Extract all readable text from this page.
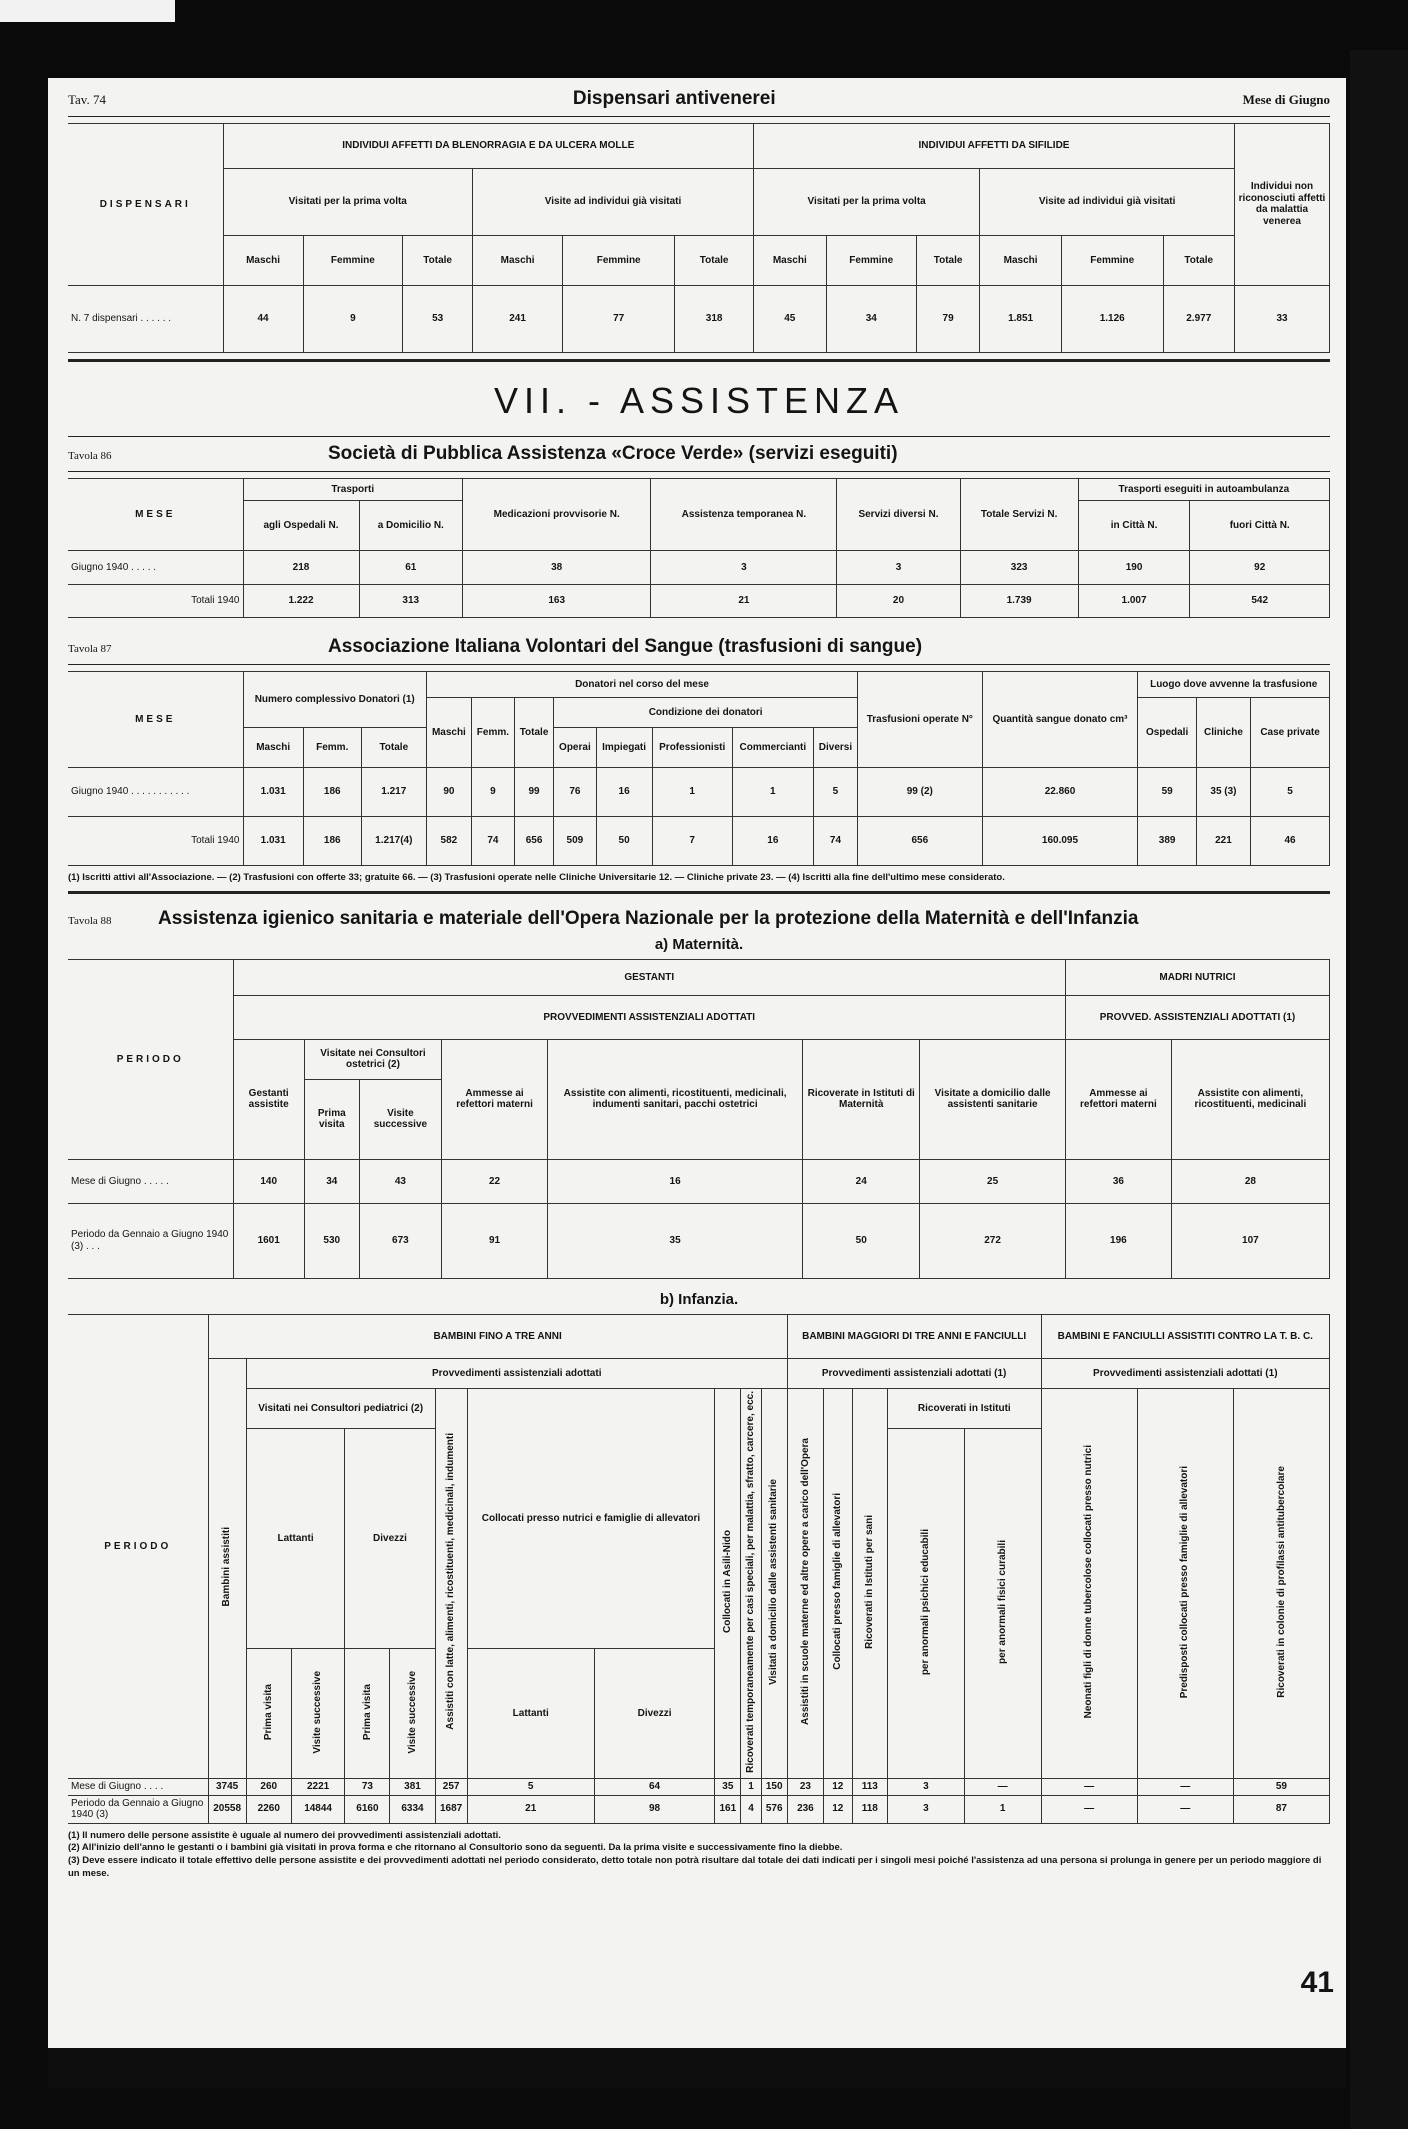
Tav. 74	Dispensari antivenerei	Mese di Giugno
DISPENSARI	INDIVIDUI AFFETTI DA BLENORRAGIA E DA ULCERA MOLLE						INDIVIDUI AFFETTI DA SIFILIDE						Individui non riconosciuti affetti da malattia venerea
	Visitati per la prima volta			Visite ad individui già visitati			Visitati per la prima volta			Visite ad individui già visitati			
	Maschi	Femmine	Totale	Maschi	Femmine	Totale	Maschi	Femmine	Totale	Maschi	Femmine	Totale	
N. 7 dispensari . . . . . .	44	9	53	241	77	318	45	34	79	1.851	1.126	2.977	33
VII. - ASSISTENZA
Tavola 86	Società di Pubblica Assistenza «Croce Verde» (servizi eseguiti)
MESE	Trasporti		Medicazioni provvisorie N.	Assistenza temporanea N.	Servizi diversi N.	Totale Servizi N.	Trasporti eseguiti in autoambulanza	
	agli Ospedali N.	a Domicilio N.					in Città N.	fuori Città N.
Giugno 1940 . . . . .	218	61	38	3	3	323	190	92
Totali 1940	1.222	313	163	21	20	1.739	1.007	542
Tavola 87	Associazione Italiana Volontari del Sangue (trasfusioni di sangue)
MESE	Numero complessivo Donatori (1)			Donatori nel corso del mese								Trasfusioni operate N°	Quantità sangue donato cm³	Luogo dove avvenne la trasfusione		
				Maschi	Femm.	Totale	Condizione dei donatori							Ospedali	Cliniche	Case private
	Maschi	Femm.	Totale				Operai	Impiegati	Professionisti	Commercianti	Diversi					
Giugno 1940 . . . . . . . . . . .	1.031	186	1.217	90	9	99	76	16	1	1	5	99 (2)	22.860	59	35 (3)	5
Totali 1940	1.031	186	1.217(4)	582	74	656	509	50	7	16	74	656	160.095	389	221	46
(1) Iscritti attivi all'Associazione. — (2) Trasfusioni con offerte 33; gratuite 66. — (3) Trasfusioni operate nelle Cliniche Universitarie 12. — Cliniche private 23. — (4) Iscritti alla fine dell'ultimo mese considerato.
Tavola 88	Assistenza igienico sanitaria e materiale dell'Opera Nazionale per la protezione della Maternità e dell'Infanzia
a) Maternità.
PERIODO	GESTANTI							MADRI NUTRICI	
	PROVVEDIMENTI ASSISTENZIALI ADOTTATI							PROVVED. ASSISTENZIALI ADOTTATI (1)	
	Gestanti assistite	Visitate nei Consultori ostetrici (2)		Ammesse ai refettori materni	Assistite con alimenti, ricostituenti, medicinali, indumenti sanitari, pacchi ostetrici	Ricoverate in Istituti di Maternità	Visitate a domicilio dalle assistenti sanitarie	Ammesse ai refettori materni	Assistite con alimenti, ricostituenti, medicinali
		Prima visita	Visite successive						
Mese di Giugno . . . . .	140	34	43	22	16	24	25	36	28
Periodo da Gennaio a Giugno 1940 (3) . . .	1601	530	673	91	35	50	272	196	107
b) Infanzia.
PERIODO	BAMBINI FINO A TRE ANNI											BAMBINI MAGGIORI DI TRE ANNI E FANCIULLI					BAMBINI E FANCIULLI ASSISTITI CONTRO LA T. B. C.		
	Bambini assistiti	Provvedimenti assistenziali adottati										Provvedimenti assistenziali adottati (1)					Provvedimenti assistenziali adottati (1)		
		Visitati nei Consultori pediatrici (2)				Assistiti con latte, alimenti, ricostituenti, medicinali, indumenti	Collocati presso nutrici e famiglie di allevatori		Collocati in Asili-Nido	Ricoverati temporaneamente per casi speciali, per malattia, sfratto, carcere, ecc.	Visitati a domicilio dalle assistenti sanitarie	Assistiti in scuole materne ed altre opere a carico dell'Opera	Collocati presso famiglie di allevatori	Ricoverati in Istituti per sani	Ricoverati in Istituti		Neonati figli di donne tubercolose collocati presso nutrici	Predisposti collocati presso famiglie di allevatori	Ricoverati in colonie di profilassi antitubercolare
		Lattanti		Divezzi											per anormali psichici educabili	per anormali fisici curabili			
		Prima visita	Visite successive	Prima visita	Visite successive		Lattanti	Divezzi											
Mese di Giugno . . . .	3745	260	2221	73	381	257	5	64	35	1	150	23	12	113	3	—	—	—	59
Periodo da Gennaio a Giugno 1940 (3)	20558	2260	14844	6160	6334	1687	21	98	161	4	576	236	12	118	3	1	—	—	87
(1) Il numero delle persone assistite è uguale al numero dei provvedimenti assistenziali adottati.
(2) All'inizio dell'anno le gestanti o i bambini già visitati in prova forma e che ritornano al Consultorio sono da seguenti. Da la prima visite e successivamente fino la diebbe.
(3) Deve essere indicato il totale effettivo delle persone assistite e dei provvedimenti adottati nel periodo considerato, detto totale non potrà risultare dal totale dei dati indicati per i singoli mesi poiché l'assistenza ad una persona si prolunga in genere per un periodo maggiore di un mese.
41
